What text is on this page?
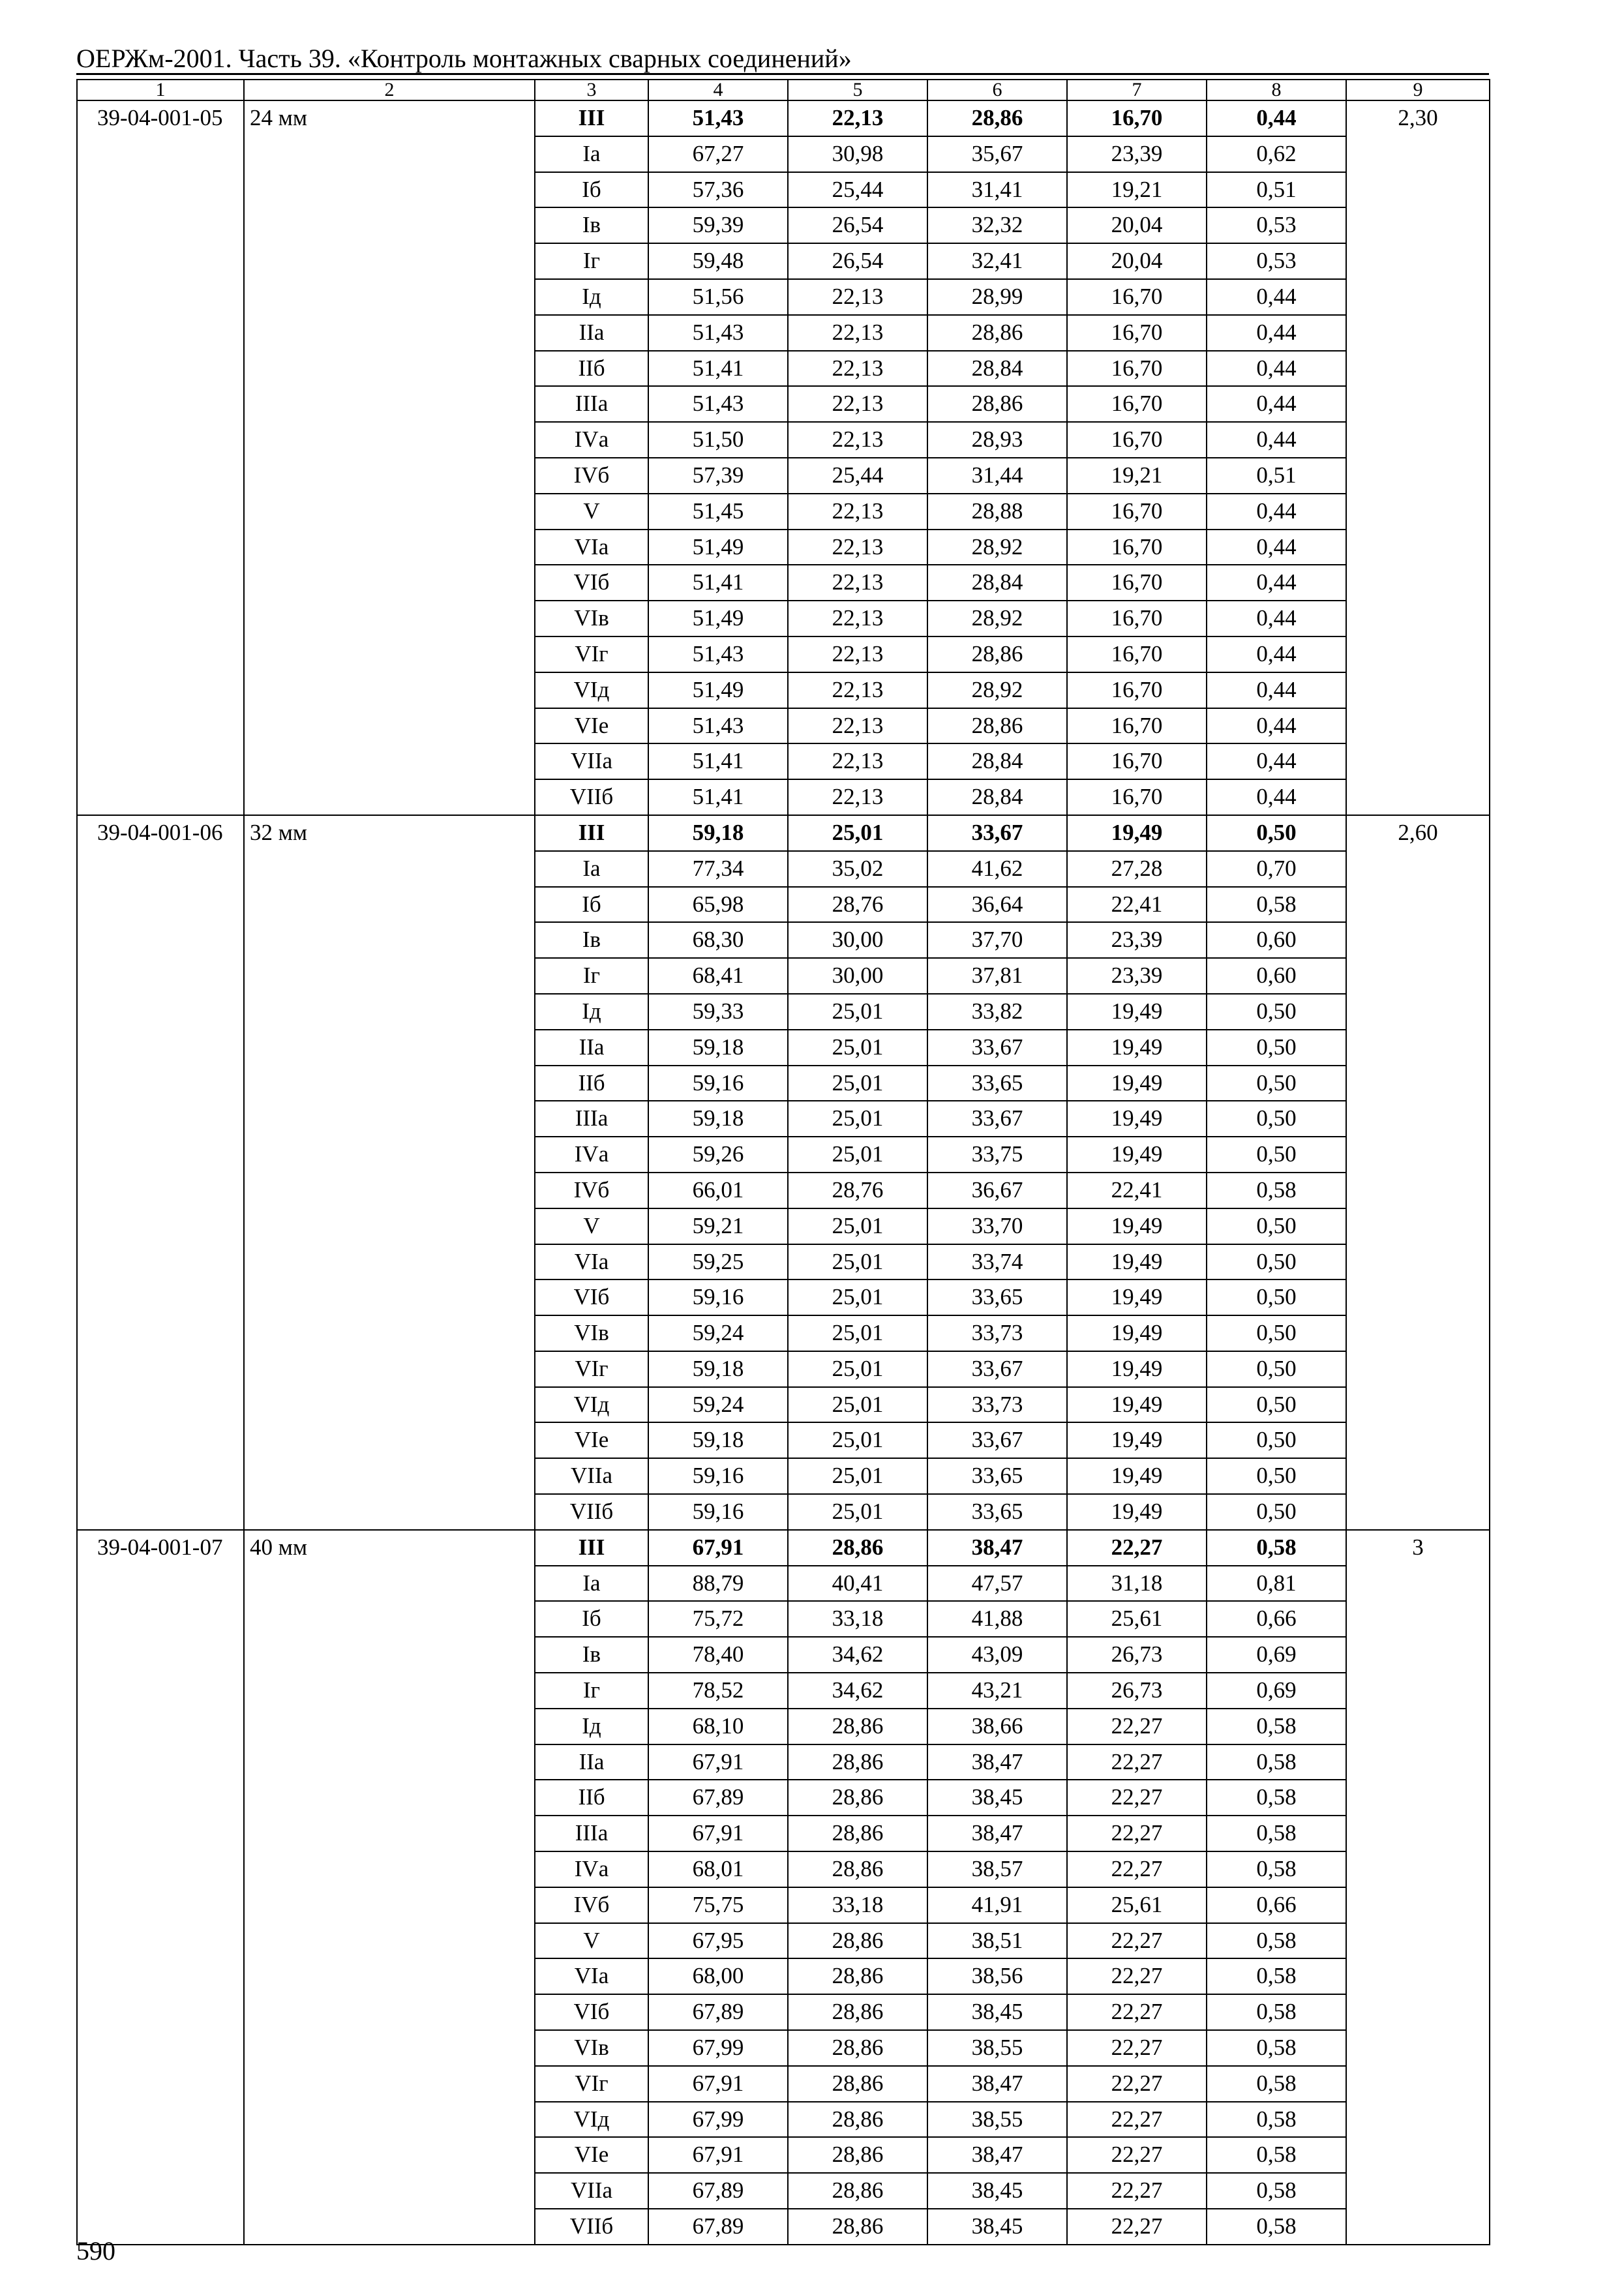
ОЕРЖм-2001. Часть 39. «Контроль монтажных сварных соединений»
1	2	3	4	5	6	7	8	9
39-04-001-05	24 мм	III	51,43	22,13	28,86	16,70	0,44	2,30
		Iа	67,27	30,98	35,67	23,39	0,62	
		Iб	57,36	25,44	31,41	19,21	0,51	
		Iв	59,39	26,54	32,32	20,04	0,53	
		Iг	59,48	26,54	32,41	20,04	0,53	
		Iд	51,56	22,13	28,99	16,70	0,44	
		IIа	51,43	22,13	28,86	16,70	0,44	
		IIб	51,41	22,13	28,84	16,70	0,44	
		IIIа	51,43	22,13	28,86	16,70	0,44	
		IVа	51,50	22,13	28,93	16,70	0,44	
		IVб	57,39	25,44	31,44	19,21	0,51	
		V	51,45	22,13	28,88	16,70	0,44	
		VIа	51,49	22,13	28,92	16,70	0,44	
		VIб	51,41	22,13	28,84	16,70	0,44	
		VIв	51,49	22,13	28,92	16,70	0,44	
		VIг	51,43	22,13	28,86	16,70	0,44	
		VIд	51,49	22,13	28,92	16,70	0,44	
		VIе	51,43	22,13	28,86	16,70	0,44	
		VIIа	51,41	22,13	28,84	16,70	0,44	
		VIIб	51,41	22,13	28,84	16,70	0,44	
39-04-001-06	32 мм	III	59,18	25,01	33,67	19,49	0,50	2,60
		Iа	77,34	35,02	41,62	27,28	0,70	
		Iб	65,98	28,76	36,64	22,41	0,58	
		Iв	68,30	30,00	37,70	23,39	0,60	
		Iг	68,41	30,00	37,81	23,39	0,60	
		Iд	59,33	25,01	33,82	19,49	0,50	
		IIа	59,18	25,01	33,67	19,49	0,50	
		IIб	59,16	25,01	33,65	19,49	0,50	
		IIIа	59,18	25,01	33,67	19,49	0,50	
		IVа	59,26	25,01	33,75	19,49	0,50	
		IVб	66,01	28,76	36,67	22,41	0,58	
		V	59,21	25,01	33,70	19,49	0,50	
		VIа	59,25	25,01	33,74	19,49	0,50	
		VIб	59,16	25,01	33,65	19,49	0,50	
		VIв	59,24	25,01	33,73	19,49	0,50	
		VIг	59,18	25,01	33,67	19,49	0,50	
		VIд	59,24	25,01	33,73	19,49	0,50	
		VIе	59,18	25,01	33,67	19,49	0,50	
		VIIа	59,16	25,01	33,65	19,49	0,50	
		VIIб	59,16	25,01	33,65	19,49	0,50	
39-04-001-07	40 мм	III	67,91	28,86	38,47	22,27	0,58	3
		Iа	88,79	40,41	47,57	31,18	0,81	
		Iб	75,72	33,18	41,88	25,61	0,66	
		Iв	78,40	34,62	43,09	26,73	0,69	
		Iг	78,52	34,62	43,21	26,73	0,69	
		Iд	68,10	28,86	38,66	22,27	0,58	
		IIа	67,91	28,86	38,47	22,27	0,58	
		IIб	67,89	28,86	38,45	22,27	0,58	
		IIIа	67,91	28,86	38,47	22,27	0,58	
		IVа	68,01	28,86	38,57	22,27	0,58	
		IVб	75,75	33,18	41,91	25,61	0,66	
		V	67,95	28,86	38,51	22,27	0,58	
		VIа	68,00	28,86	38,56	22,27	0,58	
		VIб	67,89	28,86	38,45	22,27	0,58	
		VIв	67,99	28,86	38,55	22,27	0,58	
		VIг	67,91	28,86	38,47	22,27	0,58	
		VIд	67,99	28,86	38,55	22,27	0,58	
		VIе	67,91	28,86	38,47	22,27	0,58	
		VIIа	67,89	28,86	38,45	22,27	0,58	
		VIIб	67,89	28,86	38,45	22,27	0,58	
590
